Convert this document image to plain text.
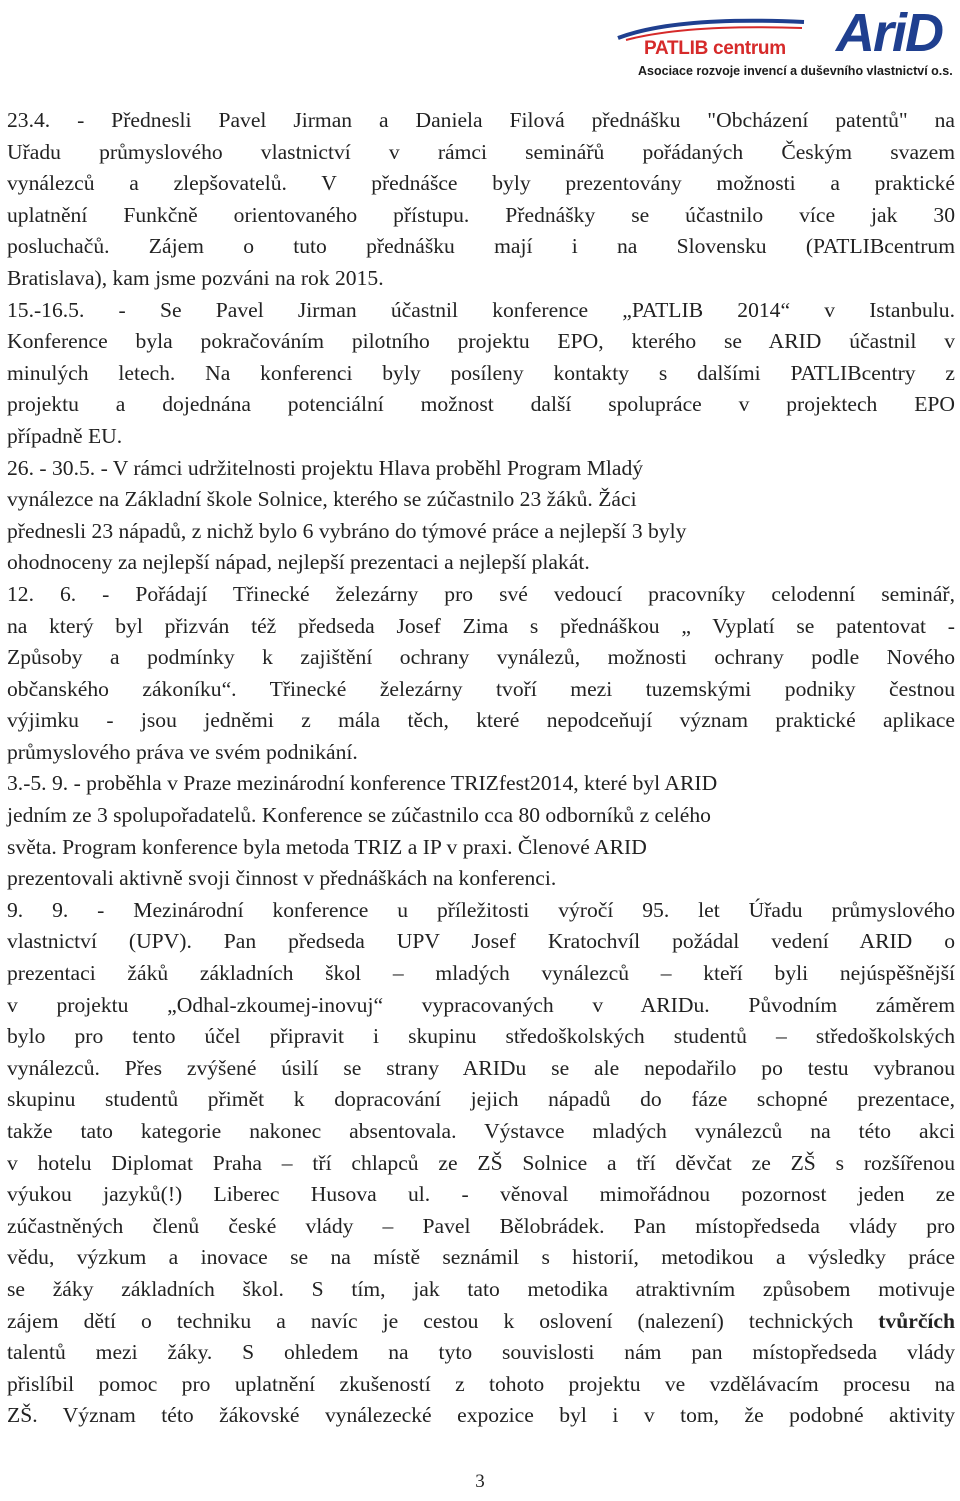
PATLIB centrum AriD
Asociace rozvoje invencí a duševního vlastnictví o.s.
23.4. - Přednesli Pavel Jirman a Daniela Filová přednášku "Obcházení patentů" na
Uřadu průmyslového vlastnictví v rámci seminářů pořádaných Českým svazem
vynálezců a zlepšovatelů. V přednášce byly prezentovány možnosti a praktické
uplatnění Funkčně orientovaného přístupu. Přednášky se účastnilo více jak 30
posluchačů. Zájem o tuto přednášku mají i na Slovensku (PATLIBcentrum
Bratislava), kam jsme pozváni na rok 2015.
15.-16.5. - Se Pavel Jirman účastnil konference „PATLIB 2014“ v Istanbulu.
Konference byla pokračováním pilotního projektu EPO, kterého se ARID účastnil v
minulých letech. Na konferenci byly posíleny kontakty s dalšími PATLIBcentry z
projektu a dojednána potenciální možnost další spolupráce v projektech EPO
případně EU.
26. - 30.5. - V rámci udržitelnosti projektu Hlava proběhl Program Mladý
vynálezce na Základní škole Solnice, kterého se zúčastnilo 23 žáků. Žáci
přednesli 23 nápadů, z nichž bylo 6 vybráno do týmové práce a nejlepší 3 byly
ohodnoceny za nejlepší nápad, nejlepší prezentaci a nejlepší plakát.
12. 6. - Pořádají Třinecké železárny pro své vedoucí pracovníky celodenní seminář,
na který byl přizván též předseda Josef Zima s přednáškou „ Vyplatí se patentovat -
Způsoby a podmínky k zajištění ochrany vynálezů, možnosti ochrany podle Nového
občanského zákoníku“. Třinecké železárny tvoří mezi tuzemskými podniky čestnou
výjimku - jsou jedněmi z mála těch, které nepodceňují význam praktické aplikace
průmyslového práva ve svém podnikání.
3.-5. 9. - proběhla v Praze mezinárodní konference TRIZfest2014, které byl ARID
jedním ze 3 spolupořadatelů. Konference se zúčastnilo cca 80 odborníků z celého
světa. Program konference byla metoda TRIZ a IP v praxi. Členové ARID
prezentovali aktivně svoji činnost v přednáškách na konferenci.
9. 9. - Mezinárodní konference u příležitosti výročí 95. let Úřadu průmyslového
vlastnictví (UPV). Pan předseda UPV Josef Kratochvíl požádal vedení ARID o
prezentaci žáků základních škol – mladých vynálezců – kteří byli nejúspěšnější
v projektu „Odhal-zkoumej-inovuj“ vypracovaných v ARIDu. Původním záměrem
bylo pro tento účel připravit i skupinu středoškolských studentů – středoškolských
vynálezců. Přes zvýšené úsilí se strany ARIDu se ale nepodařilo po testu vybranou
skupinu studentů přimět k dopracování jejich nápadů do fáze schopné prezentace,
takže tato kategorie nakonec absentovala. Výstavce mladých vynálezců na této akci
v hotelu Diplomat Praha – tří chlapců ze ZŠ Solnice a tří děvčat ze ZŠ s rozšířenou
výukou jazyků(!) Liberec Husova ul. - věnoval mimořádnou pozornost jeden ze
zúčastněných členů české vlády – Pavel Bělobrádek. Pan místopředseda vlády pro
vědu, výzkum a inovace se na místě seznámil s historií, metodikou a výsledky práce
se žáky základních škol. S tím, jak tato metodika atraktivním způsobem motivuje
zájem dětí o techniku a navíc je cestou k oslovení (nalezení) technických tvůrčích
talentů mezi žáky. S ohledem na tyto souvislosti nám pan místopředseda vlády
přislíbil pomoc pro uplatnění zkušeností z tohoto projektu ve vzdělávacím procesu na
ZŠ. Význam této žákovské vynálezecké expozice byl i v tom, že podobné aktivity
3
